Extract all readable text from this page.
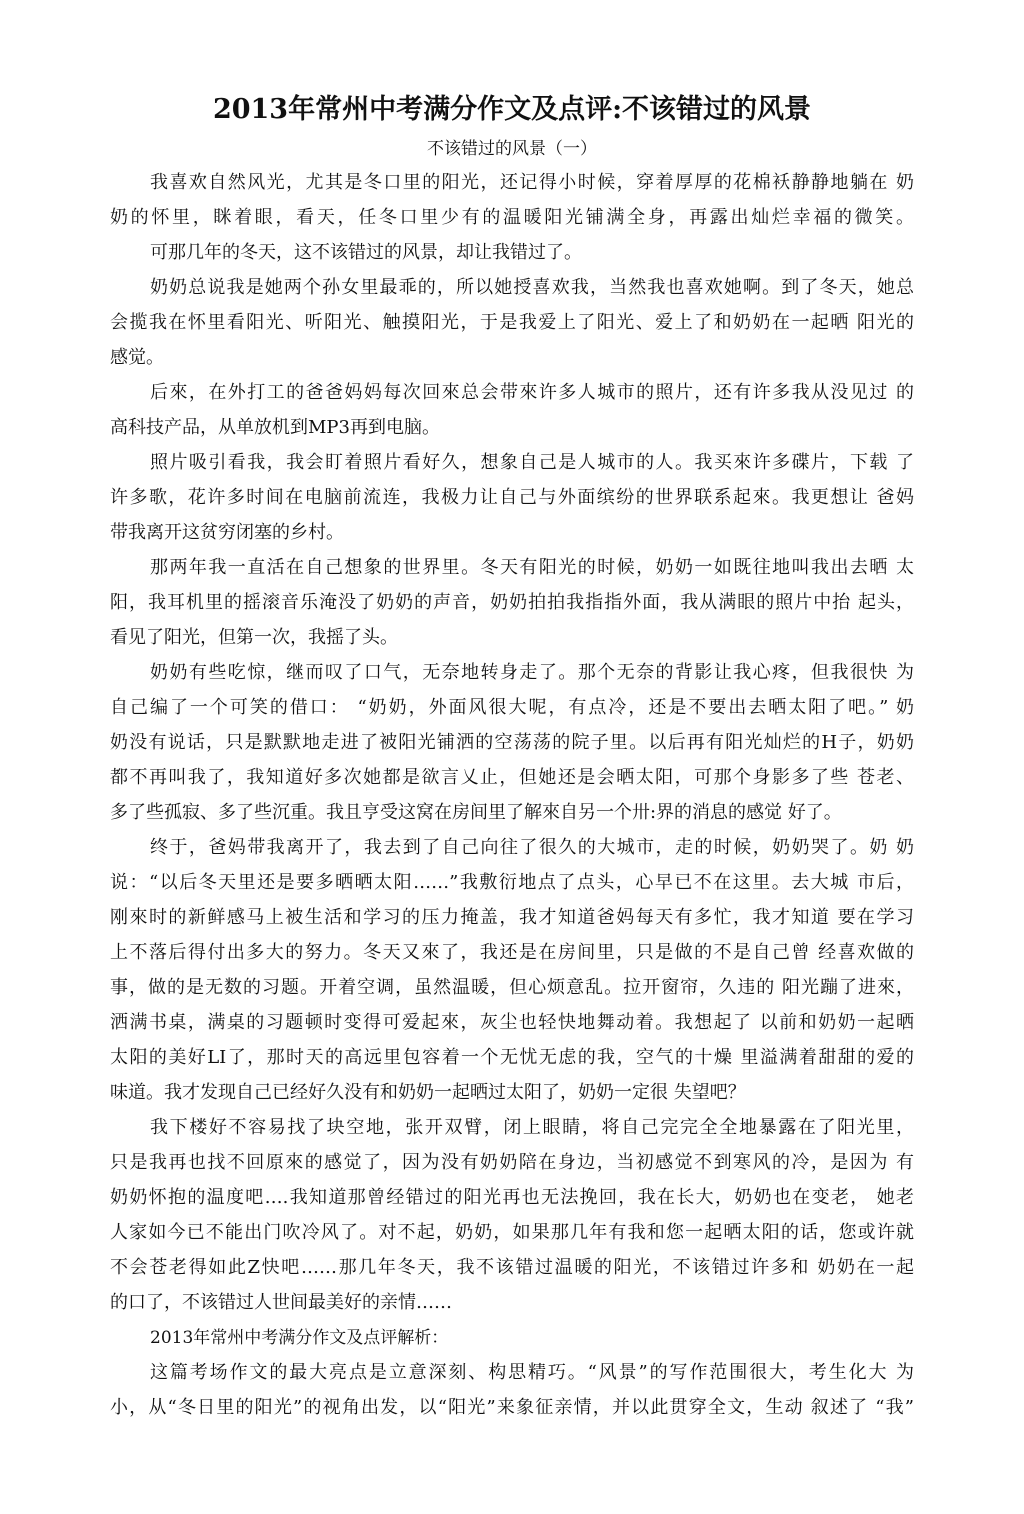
2013年常州中考满分作文及点评:不该错过的风景
不该错过的风景（一）
我喜欢自然风光，尤其是冬口里的阳光，还记得小时候，穿着厚厚的花棉袄静静地躺在 奶
奶的怀里，眯着眼，看天，任冬口里少有的温暖阳光铺满全身，再露出灿烂幸福的微笑。
可那几年的冬天，这不该错过的风景，却让我错过了。
奶奶总说我是她两个孙女里最乖的，所以她授喜欢我，当然我也喜欢她啊。到了冬天，她总
会揽我在怀里看阳光、听阳光、触摸阳光，于是我爱上了阳光、爱上了和奶奶在一起晒 阳光的
感觉。
后來，在外打工的爸爸妈妈每次回來总会带來许多人城市的照片，还有许多我从没见过 的
高科技产品，从单放机到MP3再到电脑。
照片吸引看我，我会盯着照片看好久，想象自己是人城市的人。我买來许多碟片，下载 了
许多歌，花许多时间在电脑前流连，我极力让自己与外面缤纷的世界联系起來。我更想让 爸妈
带我离开这贫穷闭塞的乡村。
那两年我一直活在自己想象的世界里。冬天有阳光的时候，奶奶一如既往地叫我出去晒 太
阳，我耳机里的摇滚音乐淹没了奶奶的声音，奶奶拍拍我指指外面，我从满眼的照片中抬 起头，
看见了阳光，但第一次，我摇了头。
奶奶有些吃惊，继而叹了口气，无奈地转身走了。那个无奈的背影让我心疼，但我很快 为
自己编了一个可笑的借口： “奶奶，外面风很大呢，有点冷，还是不要出去晒太阳了吧。” 奶
奶没有说话，只是默默地走进了被阳光铺洒的空荡荡的院子里。以后再有阳光灿烂的H子，奶奶
都不再叫我了，我知道好多次她都是欲言乂止，但她还是会晒太阳，可那个身影多了些 苍老、
多了些孤寂、多了些沉重。我且亨受这窝在房间里了解來自另一个卅:界的消息的感觉 好了。
终于，爸妈带我离开了，我去到了自己向往了很久的大城市，走的时候，奶奶哭了。奶 奶
说：“以后冬天里还是要多晒晒太阳……”我敷衍地点了点头，心早已不在这里。去大城 市后，
刚來时的新鲜感马上被生活和学习的压力掩盖，我才知道爸妈每天有多忙，我才知道 要在学习
上不落后得付出多大的努力。冬天又來了，我还是在房间里，只是做的不是自己曾 经喜欢做的
事，做的是无数的习题。开着空调，虽然温暖，但心烦意乱。拉开窗帘，久违的 阳光蹦了进來，
洒满书桌，满桌的习题顿时变得可爱起來，灰尘也轻快地舞动着。我想起了 以前和奶奶一起晒
太阳的美好LI了，那时天的高远里包容着一个无忧无虑的我，空气的十燥 里溢满着甜甜的爱的
味道。我才发现自己已经好久没有和奶奶一起晒过太阳了，奶奶一定很 失望吧？
我下楼好不容易找了块空地，张开双臂，闭上眼睛，将自己完完全全地暴露在了阳光里，
只是我再也找不回原來的感觉了，因为没有奶奶陪在身边，当初感觉不到寒风的冷，是因为 有
奶奶怀抱的温度吧….我知道那曾经错过的阳光再也无法挽回，我在长大，奶奶也在变老， 她老
人家如今已不能出门吹冷风了。对不起，奶奶，如果那几年有我和您一起晒太阳的话，您或许就
不会苍老得如此Z快吧……那几年冬天，我不该错过温暖的阳光，不该错过许多和 奶奶在一起
的口了，不该错过人世间最美好的亲情……
2013年常州中考满分作文及点评解析：
这篇考场作文的最大亮点是立意深刻、构思精巧。“风景”的写作范围很大，考生化大 为
小，从“冬日里的阳光”的视角出发，以“阳光”来象征亲情，并以此贯穿全文，生动 叙述了 “我”
